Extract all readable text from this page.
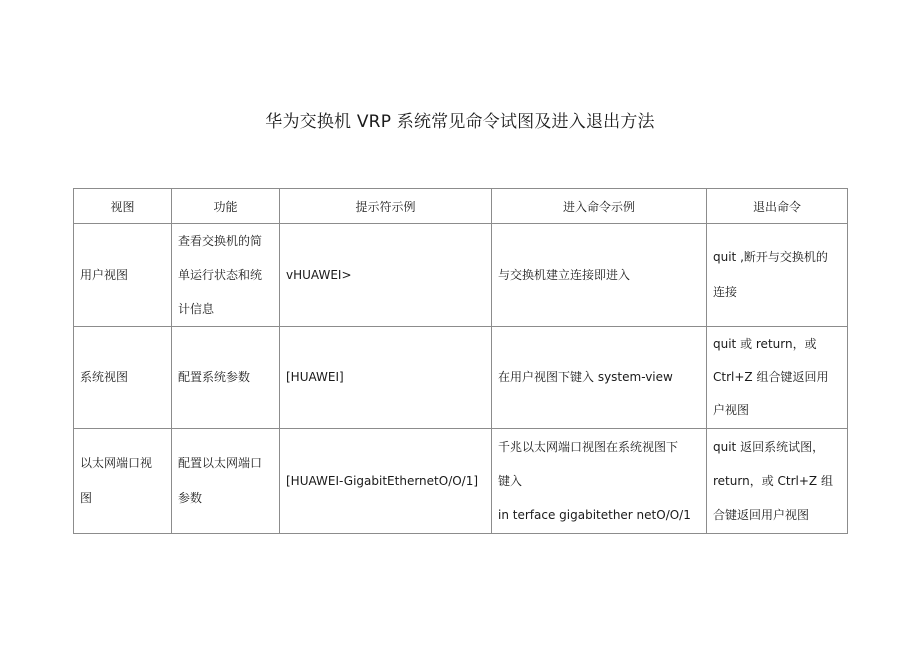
华为交换机 VRP 系统常见命令试图及进入退出方法
视图	功能	提示符示例	进入命令示例	退出命令

用户视图	查看交换机的简
单运行状态和统
计信息	vHUAWEI>	与交换机建立连接即进入	quit ,断开与交换机的
连接

系统视图	配置系统参数	[HUAWEI]	在用户视图下键入 system-view	quit 或 return，或
Ctrl+Z 组合键返回用
户视图

以太网端口视
图	配置以太网端口
参数	[HUAWEI-GigabitEthernetO/O/1]	千兆以太网端口视图在系统视图下
键入
in terface gigabitether netO/O/1	quit 返回系统试图，
return，或 Ctrl+Z 组
合键返回用户视图
